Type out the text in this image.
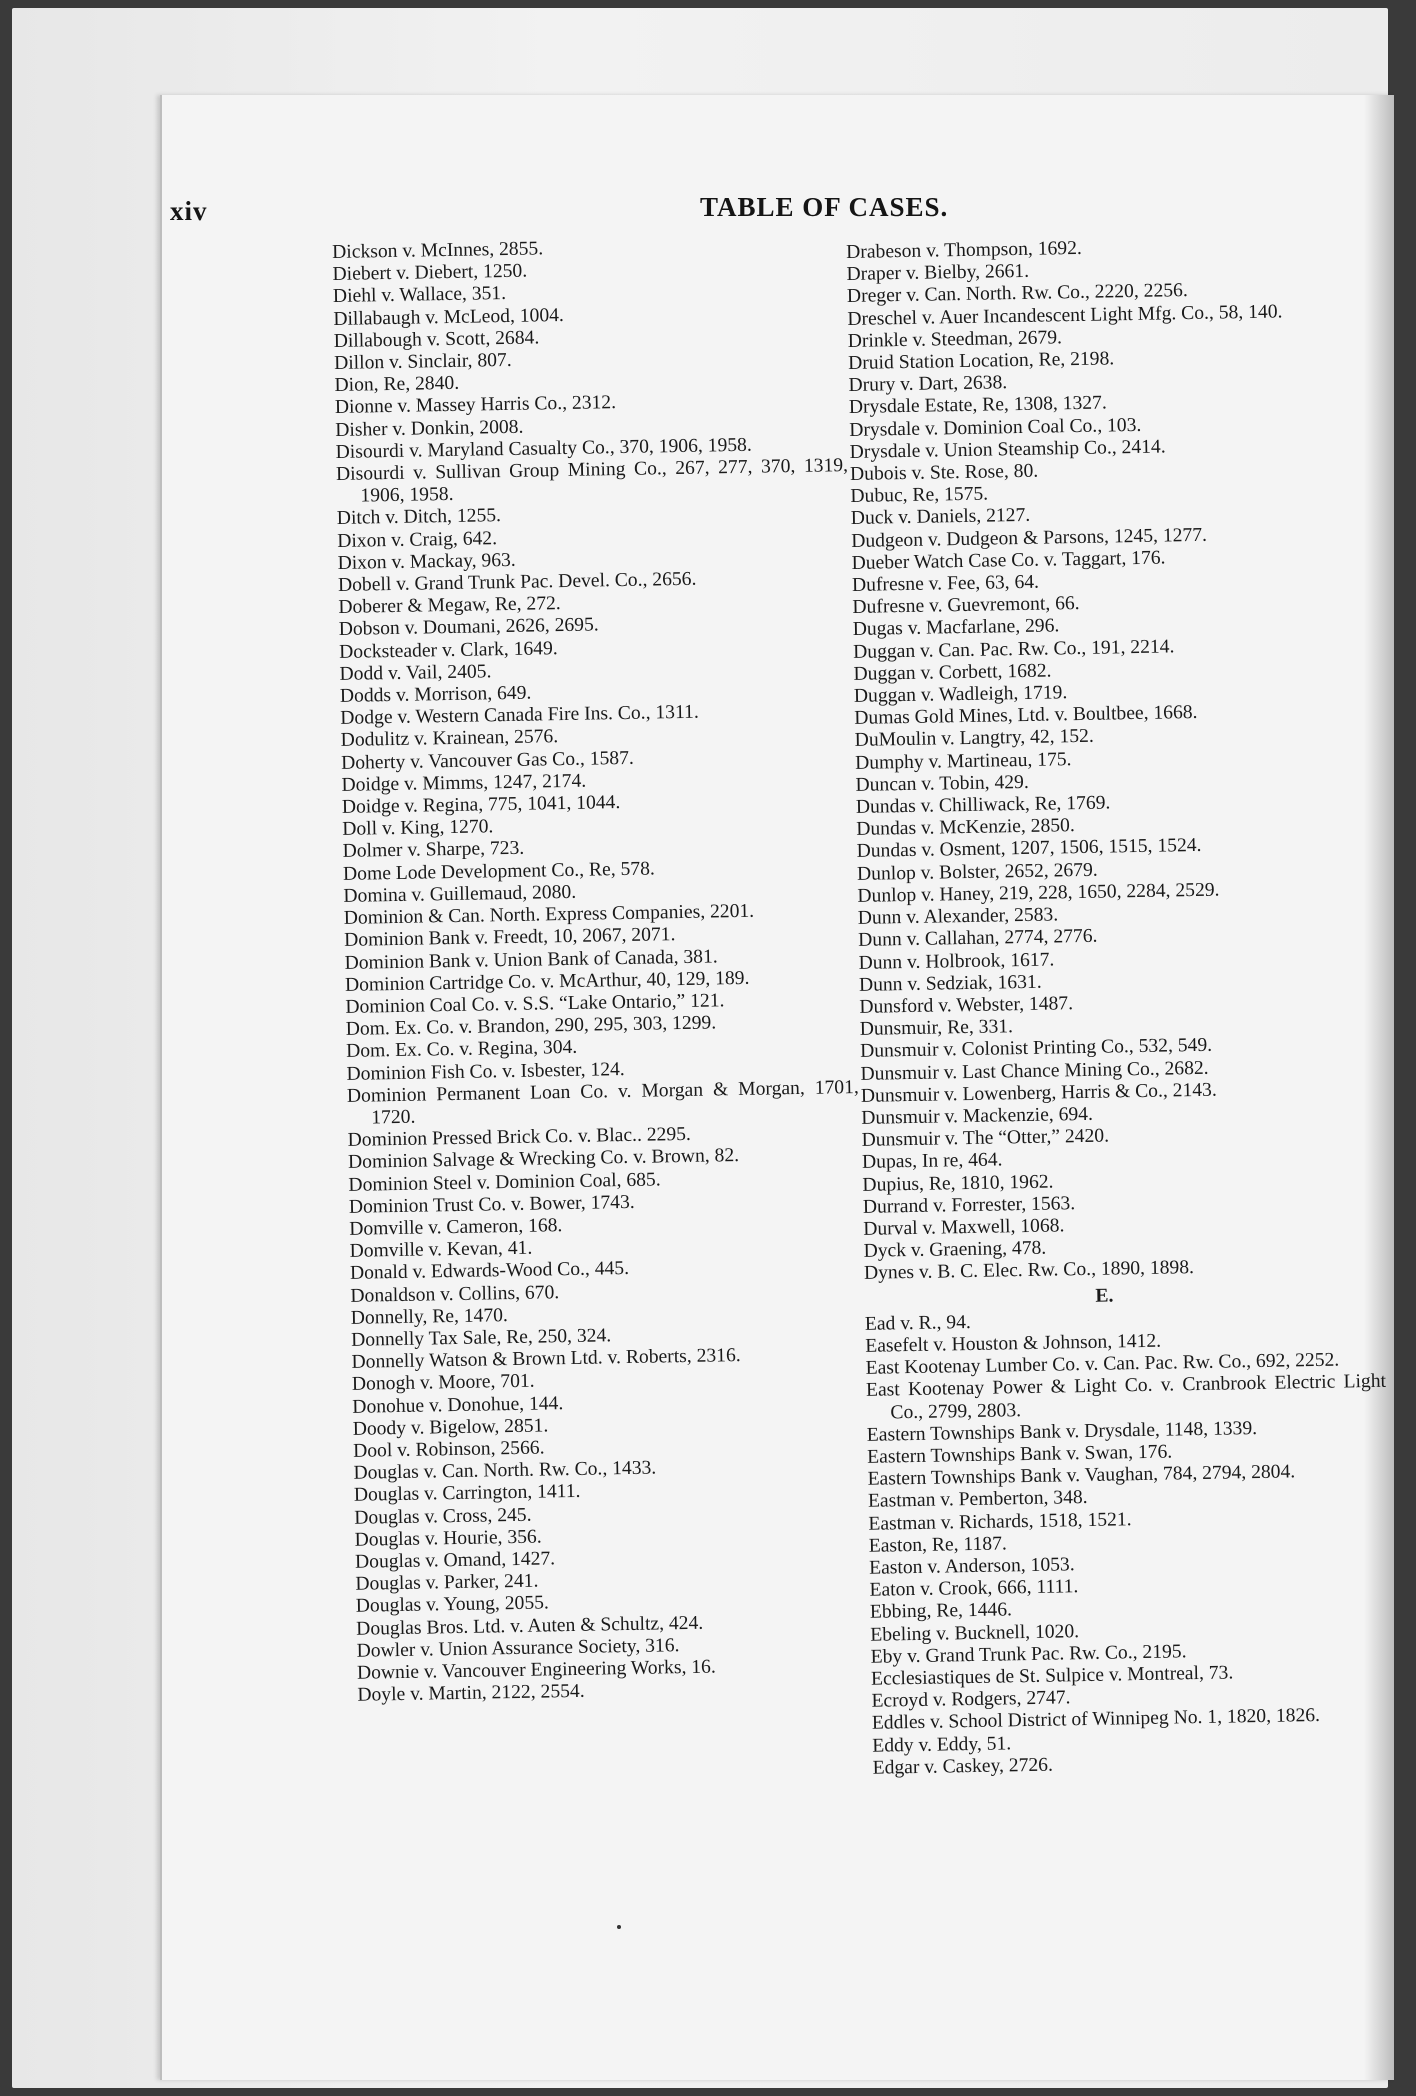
xiv	TABLE OF CASES.
Dickson v. McInnes, 2855.
Diebert v. Diebert, 1250.
Diehl v. Wallace, 351.
Dillabaugh v. McLeod, 1004.
Dillabough v. Scott, 2684.
Dillon v. Sinclair, 807.
Dion, Re, 2840.
Dionne v. Massey Harris Co., 2312.
Disher v. Donkin, 2008.
Disourdi v. Maryland Casualty Co., 370, 1906, 1958.
Disourdi v. Sullivan Group Mining Co., 267, 277, 370, 1319, 1906, 1958.
Ditch v. Ditch, 1255.
Dixon v. Craig, 642.
Dixon v. Mackay, 963.
Dobell v. Grand Trunk Pac. Devel. Co., 2656.
Doberer & Megaw, Re, 272.
Dobson v. Doumani, 2626, 2695.
Docksteader v. Clark, 1649.
Dodd v. Vail, 2405.
Dodds v. Morrison, 649.
Dodge v. Western Canada Fire Ins. Co., 1311.
Dodulitz v. Krainean, 2576.
Doherty v. Vancouver Gas Co., 1587.
Doidge v. Mimms, 1247, 2174.
Doidge v. Regina, 775, 1041, 1044.
Doll v. King, 1270.
Dolmer v. Sharpe, 723.
Dome Lode Development Co., Re, 578.
Domina v. Guillemaud, 2080.
Dominion & Can. North. Express Companies, 2201.
Dominion Bank v. Freedt, 10, 2067, 2071.
Dominion Bank v. Union Bank of Canada, 381.
Dominion Cartridge Co. v. McArthur, 40, 129, 189.
Dominion Coal Co. v. S.S. “Lake Ontario,” 121.
Dom. Ex. Co. v. Brandon, 290, 295, 303, 1299.
Dom. Ex. Co. v. Regina, 304.
Dominion Fish Co. v. Isbester, 124.
Dominion Permanent Loan Co. v. Morgan & Morgan, 1701, 1720.
Dominion Pressed Brick Co. v. Blac.. 2295.
Dominion Salvage & Wrecking Co. v. Brown, 82.
Dominion Steel v. Dominion Coal, 685.
Dominion Trust Co. v. Bower, 1743.
Domville v. Cameron, 168.
Domville v. Kevan, 41.
Donald v. Edwards-Wood Co., 445.
Donaldson v. Collins, 670.
Donnelly, Re, 1470.
Donnelly Tax Sale, Re, 250, 324.
Donnelly Watson & Brown Ltd. v. Roberts, 2316.
Donogh v. Moore, 701.
Donohue v. Donohue, 144.
Doody v. Bigelow, 2851.
Dool v. Robinson, 2566.
Douglas v. Can. North. Rw. Co., 1433.
Douglas v. Carrington, 1411.
Douglas v. Cross, 245.
Douglas v. Hourie, 356.
Douglas v. Omand, 1427.
Douglas v. Parker, 241.
Douglas v. Young, 2055.
Douglas Bros. Ltd. v. Auten & Schultz, 424.
Dowler v. Union Assurance Society, 316.
Downie v. Vancouver Engineering Works, 16.
Doyle v. Martin, 2122, 2554.
Drabeson v. Thompson, 1692.
Draper v. Bielby, 2661.
Dreger v. Can. North. Rw. Co., 2220, 2256.
Dreschel v. Auer Incandescent Light Mfg. Co., 58, 140.
Drinkle v. Steedman, 2679.
Druid Station Location, Re, 2198.
Drury v. Dart, 2638.
Drysdale Estate, Re, 1308, 1327.
Drysdale v. Dominion Coal Co., 103.
Drysdale v. Union Steamship Co., 2414.
Dubois v. Ste. Rose, 80.
Dubuc, Re, 1575.
Duck v. Daniels, 2127.
Dudgeon v. Dudgeon & Parsons, 1245, 1277.
Dueber Watch Case Co. v. Taggart, 176.
Dufresne v. Fee, 63, 64.
Dufresne v. Guevremont, 66.
Dugas v. Macfarlane, 296.
Duggan v. Can. Pac. Rw. Co., 191, 2214.
Duggan v. Corbett, 1682.
Duggan v. Wadleigh, 1719.
Dumas Gold Mines, Ltd. v. Boultbee, 1668.
DuMoulin v. Langtry, 42, 152.
Dumphy v. Martineau, 175.
Duncan v. Tobin, 429.
Dundas v. Chilliwack, Re, 1769.
Dundas v. McKenzie, 2850.
Dundas v. Osment, 1207, 1506, 1515, 1524.
Dunlop v. Bolster, 2652, 2679.
Dunlop v. Haney, 219, 228, 1650, 2284, 2529.
Dunn v. Alexander, 2583.
Dunn v. Callahan, 2774, 2776.
Dunn v. Holbrook, 1617.
Dunn v. Sedziak, 1631.
Dunsford v. Webster, 1487.
Dunsmuir, Re, 331.
Dunsmuir v. Colonist Printing Co., 532, 549.
Dunsmuir v. Last Chance Mining Co., 2682.
Dunsmuir v. Lowenberg, Harris & Co., 2143.
Dunsmuir v. Mackenzie, 694.
Dunsmuir v. The “Otter,” 2420.
Dupas, In re, 464.
Dupius, Re, 1810, 1962.
Durrand v. Forrester, 1563.
Durval v. Maxwell, 1068.
Dyck v. Graening, 478.
Dynes v. B. C. Elec. Rw. Co., 1890, 1898.
E.
Ead v. R., 94.
Easefelt v. Houston & Johnson, 1412.
East Kootenay Lumber Co. v. Can. Pac. Rw. Co., 692, 2252.
East Kootenay Power & Light Co. v. Cranbrook Electric Light Co., 2799, 2803.
Eastern Townships Bank v. Drysdale, 1148, 1339.
Eastern Townships Bank v. Swan, 176.
Eastern Townships Bank v. Vaughan, 784, 2794, 2804.
Eastman v. Pemberton, 348.
Eastman v. Richards, 1518, 1521.
Easton, Re, 1187.
Easton v. Anderson, 1053.
Eaton v. Crook, 666, 1111.
Ebbing, Re, 1446.
Ebeling v. Bucknell, 1020.
Eby v. Grand Trunk Pac. Rw. Co., 2195.
Ecclesiastiques de St. Sulpice v. Montreal, 73.
Ecroyd v. Rodgers, 2747.
Eddles v. School District of Winnipeg No. 1, 1820, 1826.
Eddy v. Eddy, 51.
Edgar v. Caskey, 2726.
